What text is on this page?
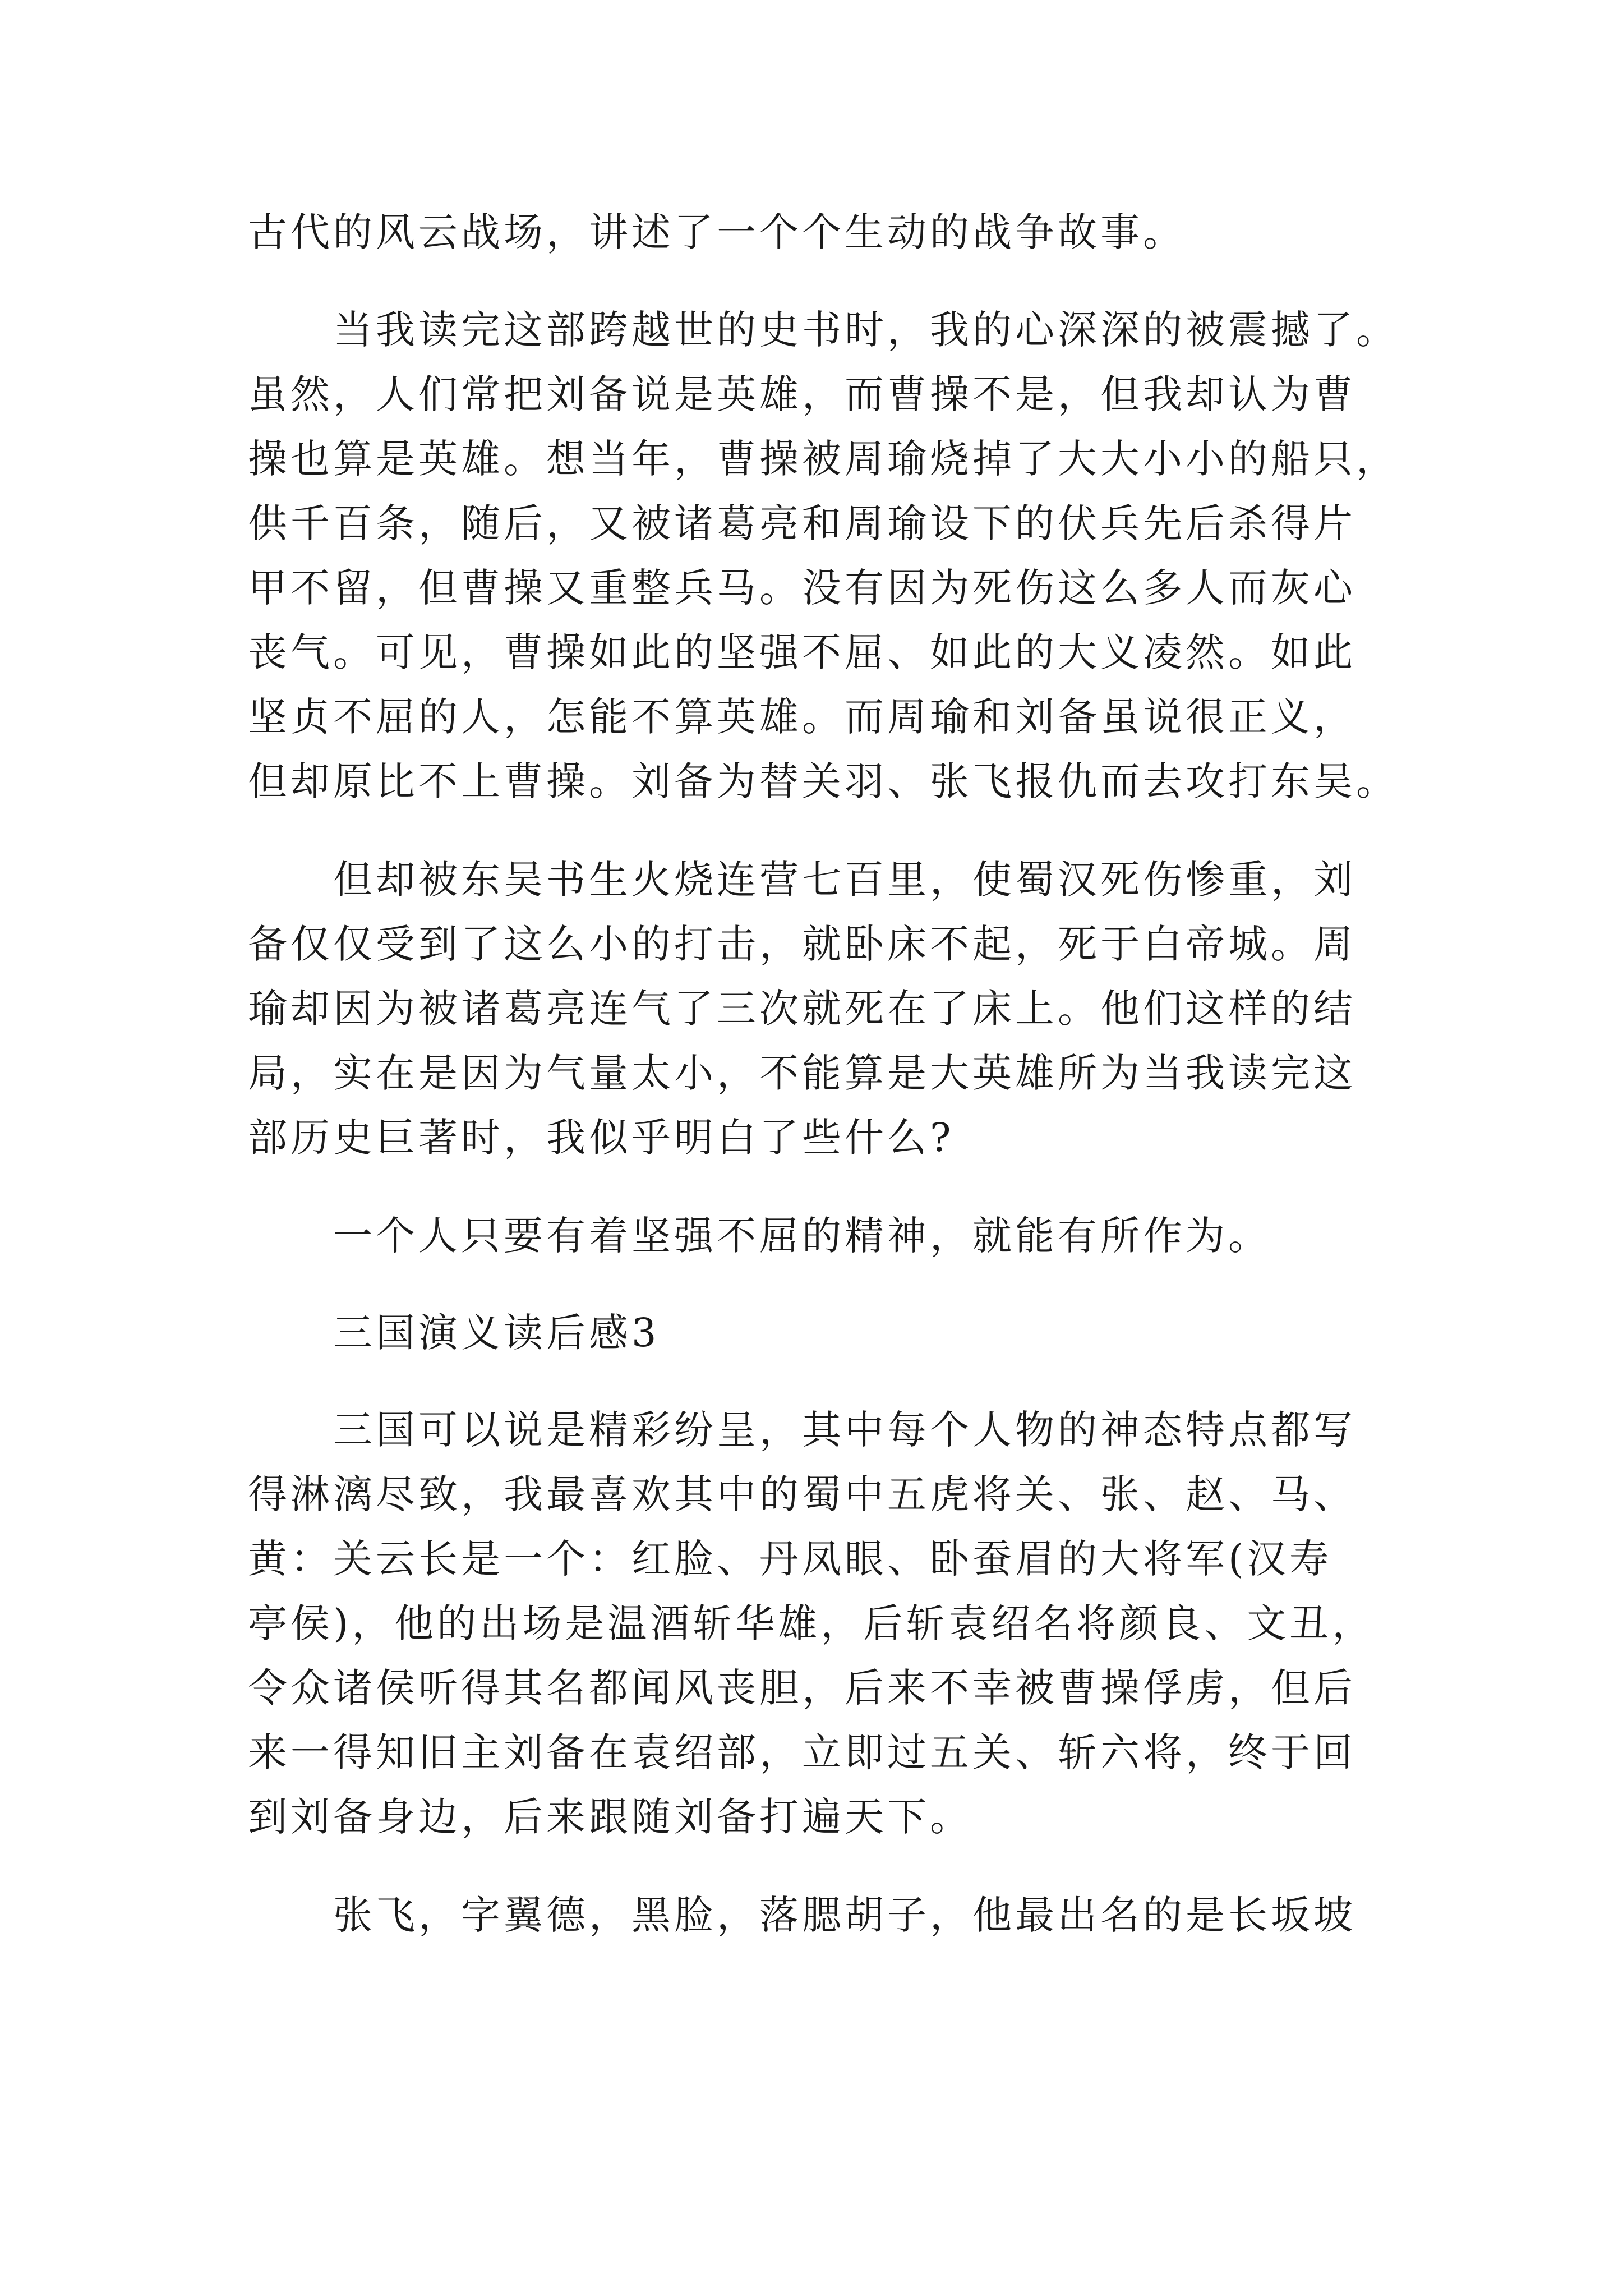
古代的风云战场，讲述了一个个生动的战争故事。
当我读完这部跨越世的史书时，我的心深深的被震撼了。
虽然，人们常把刘备说是英雄，而曹操不是，但我却认为曹
操也算是英雄。想当年，曹操被周瑜烧掉了大大小小的船只，
供千百条，随后，又被诸葛亮和周瑜设下的伏兵先后杀得片
甲不留，但曹操又重整兵马。没有因为死伤这么多人而灰心
丧气。可见，曹操如此的坚强不屈、如此的大义凌然。如此
坚贞不屈的人，怎能不算英雄。而周瑜和刘备虽说很正义，
但却原比不上曹操。刘备为替关羽、张飞报仇而去攻打东吴。
但却被东吴书生火烧连营七百里，使蜀汉死伤惨重，刘
备仅仅受到了这么小的打击，就卧床不起，死于白帝城。周
瑜却因为被诸葛亮连气了三次就死在了床上。他们这样的结
局，实在是因为气量太小，不能算是大英雄所为当我读完这
部历史巨著时，我似乎明白了些什么?
一个人只要有着坚强不屈的精神，就能有所作为。
三国演义读后感3
三国可以说是精彩纷呈，其中每个人物的神态特点都写
得淋漓尽致，我最喜欢其中的蜀中五虎将关、张、赵、马、
黄：关云长是一个：红脸、丹凤眼、卧蚕眉的大将军(汉寿
亭侯)，他的出场是温酒斩华雄，后斩袁绍名将颜良、文丑，
令众诸侯听得其名都闻风丧胆，后来不幸被曹操俘虏，但后
来一得知旧主刘备在袁绍部，立即过五关、斩六将，终于回
到刘备身边，后来跟随刘备打遍天下。
张飞，字翼德，黑脸，落腮胡子，他最出名的是长坂坡
